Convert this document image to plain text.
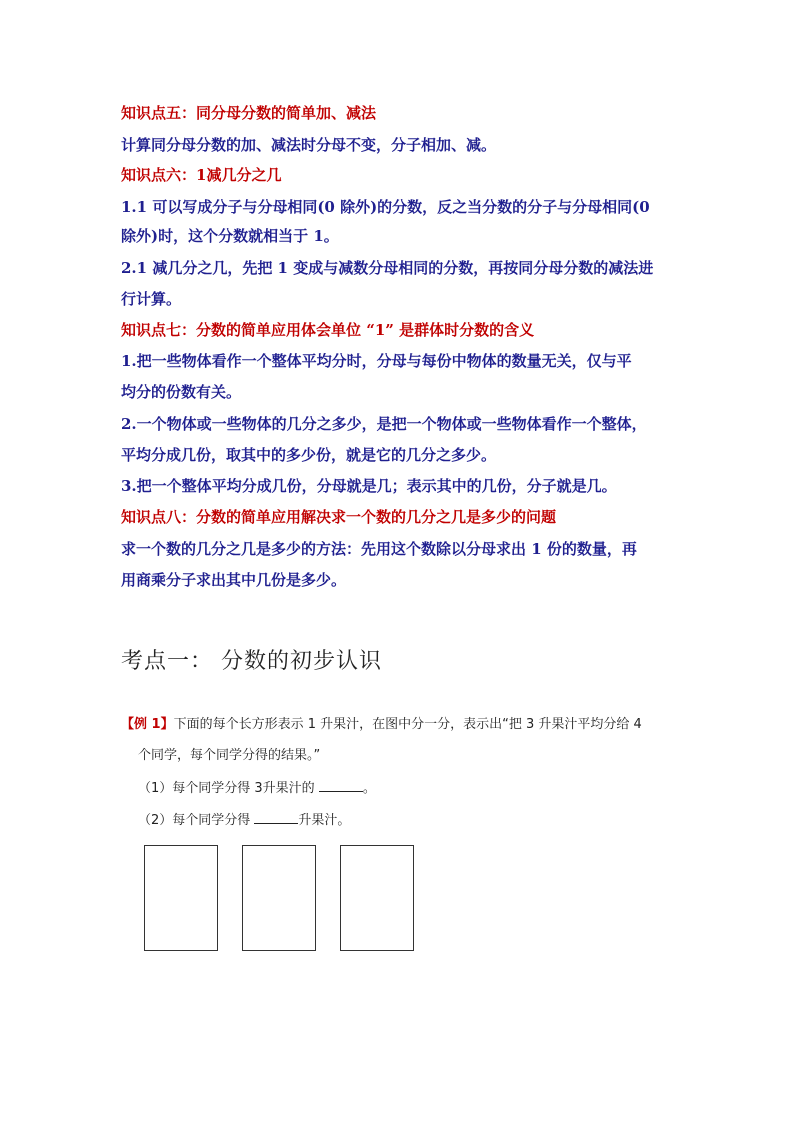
知识点五：同分母分数的简单加、减法
计算同分母分数的加、减法时分母不变，分子相加、减。
知识点六：1减几分之几
1.1 可以写成分子与分母相同(0 除外)的分数，反之当分数的分子与分母相同(0
除外)时，这个分数就相当于 1。
2.1 减几分之几，先把 1 变成与减数分母相同的分数，再按同分母分数的减法进
行计算。
知识点七：分数的简单应用体会单位 “1” 是群体时分数的含义
1.把一些物体看作一个整体平均分时，分母与每份中物体的数量无关，仅与平
均分的份数有关。
2.一个物体或一些物体的几分之多少，是把一个物体或一些物体看作一个整体，
平均分成几份，取其中的多少份，就是它的几分之多少。
3.把一个整体平均分成几份，分母就是几；表示其中的几份，分子就是几。
知识点八：分数的简单应用解决求一个数的几分之几是多少的问题
求一个数的几分之几是多少的方法：先用这个数除以分母求出 1 份的数量，再
用商乘分子求出其中几份是多少。
考点一： 分数的初步认识
【例 1】下面的每个长方形表示 1 升果汁，在图中分一分，表示出“把 3 升果汁平均分给 4
个同学，每个同学分得的结果。”
（1）每个同学分得 3升果汁的	。
（2）每个同学分得	升果汁。
